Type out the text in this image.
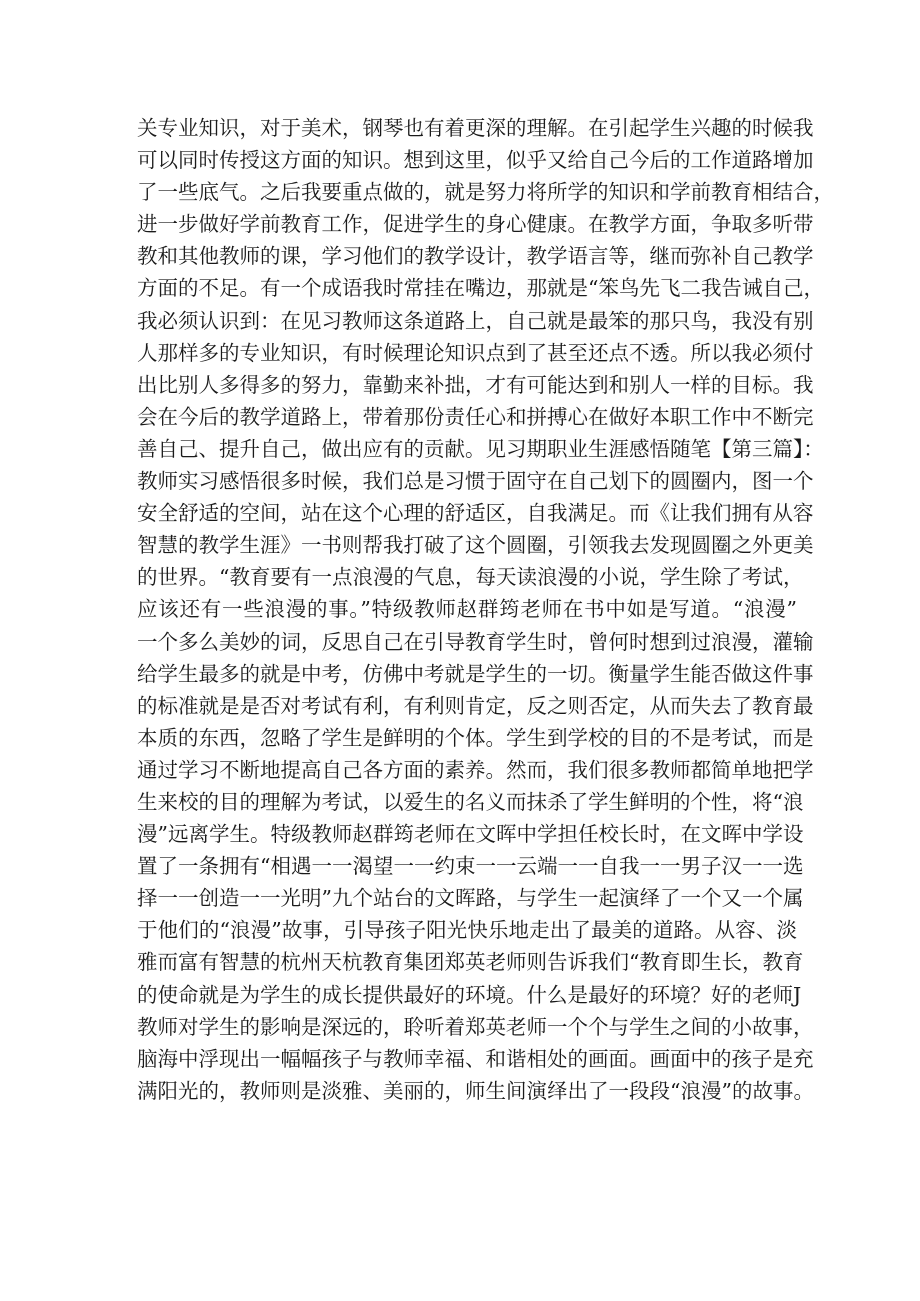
关专业知识，对于美术，钢琴也有着更深的理解。在引起学生兴趣的时候我
可以同时传授这方面的知识。想到这里，似乎又给自己今后的工作道路增加
了一些底气。之后我要重点做的，就是努力将所学的知识和学前教育相结合，
进一步做好学前教育工作，促进学生的身心健康。在教学方面，争取多听带
教和其他教师的课，学习他们的教学设计，教学语言等，继而弥补自己教学
方面的不足。有一个成语我时常挂在嘴边，那就是“笨鸟先飞二我告诫自己，
我必须认识到：在见习教师这条道路上，自己就是最笨的那只鸟，我没有别
人那样多的专业知识，有时候理论知识点到了甚至还点不透。所以我必须付
出比别人多得多的努力，靠勤来补拙，才有可能达到和别人一样的目标。我
会在今后的教学道路上，带着那份责任心和拼搏心在做好本职工作中不断完
善自己、提升自己，做出应有的贡献。见习期职业生涯感悟随笔【第三篇】：
教师实习感悟很多时候，我们总是习惯于固守在自己划下的圆圈内，图一个
安全舒适的空间，站在这个心理的舒适区，自我满足。而《让我们拥有从容
智慧的教学生涯》一书则帮我打破了这个圆圈，引领我去发现圆圈之外更美
的世界。“教育要有一点浪漫的气息，每天读浪漫的小说，学生除了考试，
应该还有一些浪漫的事。”特级教师赵群筠老师在书中如是写道。“浪漫”
一个多么美妙的词，反思自己在引导教育学生时，曾何时想到过浪漫，灌输
给学生最多的就是中考，仿佛中考就是学生的一切。衡量学生能否做这件事
的标准就是是否对考试有利，有利则肯定，反之则否定，从而失去了教育最
本质的东西，忽略了学生是鲜明的个体。学生到学校的目的不是考试，而是
通过学习不断地提高自己各方面的素养。然而，我们很多教师都简单地把学
生来校的目的理解为考试，以爱生的名义而抹杀了学生鲜明的个性，将“浪
漫”远离学生。特级教师赵群筠老师在文晖中学担任校长时，在文晖中学设
置了一条拥有“相遇一一渴望一一约束一一云端一一自我一一男子汉一一选
择一一创造一一光明”九个站台的文晖路，与学生一起演绎了一个又一个属
于他们的“浪漫”故事，引导孩子阳光快乐地走出了最美的道路。从容、淡
雅而富有智慧的杭州天杭教育集团郑英老师则告诉我们“教育即生长，教育
的使命就是为学生的成长提供最好的环境。什么是最好的环境？好的老师J
教师对学生的影响是深远的，聆听着郑英老师一个个与学生之间的小故事，
脑海中浮现出一幅幅孩子与教师幸福、和谐相处的画面。画面中的孩子是充
满阳光的，教师则是淡雅、美丽的，师生间演绎出了一段段“浪漫”的故事。
